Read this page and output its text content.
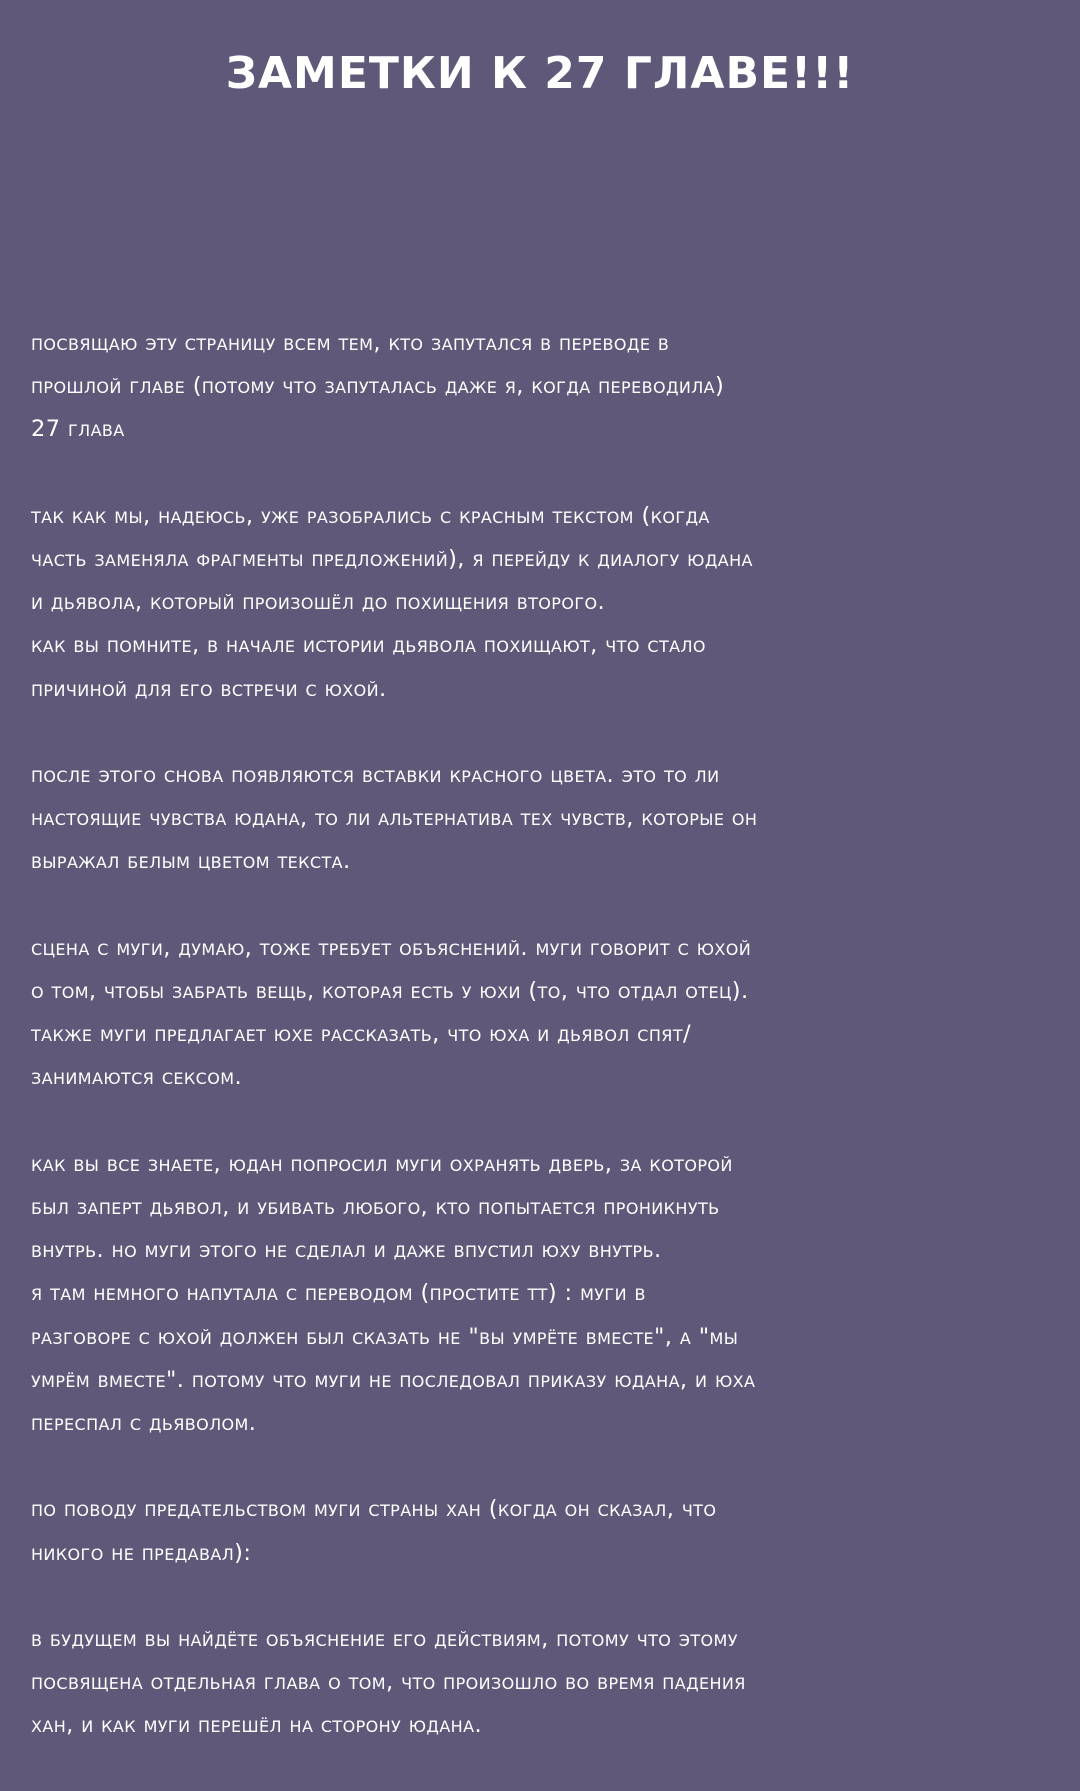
ЗАМЕТКИ К 27 ГЛАВЕ!!!

посвящаю эту страницу всем тем, кто запутался в переводе в
прошлой главе (потому что запуталась даже я, когда переводила)
27 глава

так как мы, надеюсь, уже разобрались с красным текстом (когда
часть заменяла фрагменты предложений), я перейду к диалогу юдана
и дьявола, который произошёл до похищения второго.
как вы помните, в начале истории дьявола похищают, что стало
причиной для его встречи с юхой.

после этого снова появляются вставки красного цвета. это то ли
настоящие чувства юдана, то ли альтернатива тех чувств, которые он
выражал белым цветом текста.

сцена с муги, думаю, тоже требует объяснений. муги говорит с юхой
о том, чтобы забрать вещь, которая есть у юхи (то, что отдал отец).
также муги предлагает юхе рассказать, что юха и дьявол спят/
занимаются сексом.

как вы все знаете, юдан попросил муги охранять дверь, за которой
был заперт дьявол, и убивать любого, кто попытается проникнуть
внутрь. но муги этого не сделал и даже впустил юху внутрь.
я там немного напутала с переводом (простите тт) : муги в
разговоре с юхой должен был сказать не "вы умрёте вместе", а "мы
умрём вместе". потому что муги не последовал приказу юдана, и юха
переспал с дьяволом.

по поводу предательством муги страны хан (когда он сказал, что
никого не предавал):

в будущем вы найдёте объяснение его действиям, потому что этому
посвящена отдельная глава о том, что произошло во время падения
хан, и как муги перешёл на сторону юдана.
